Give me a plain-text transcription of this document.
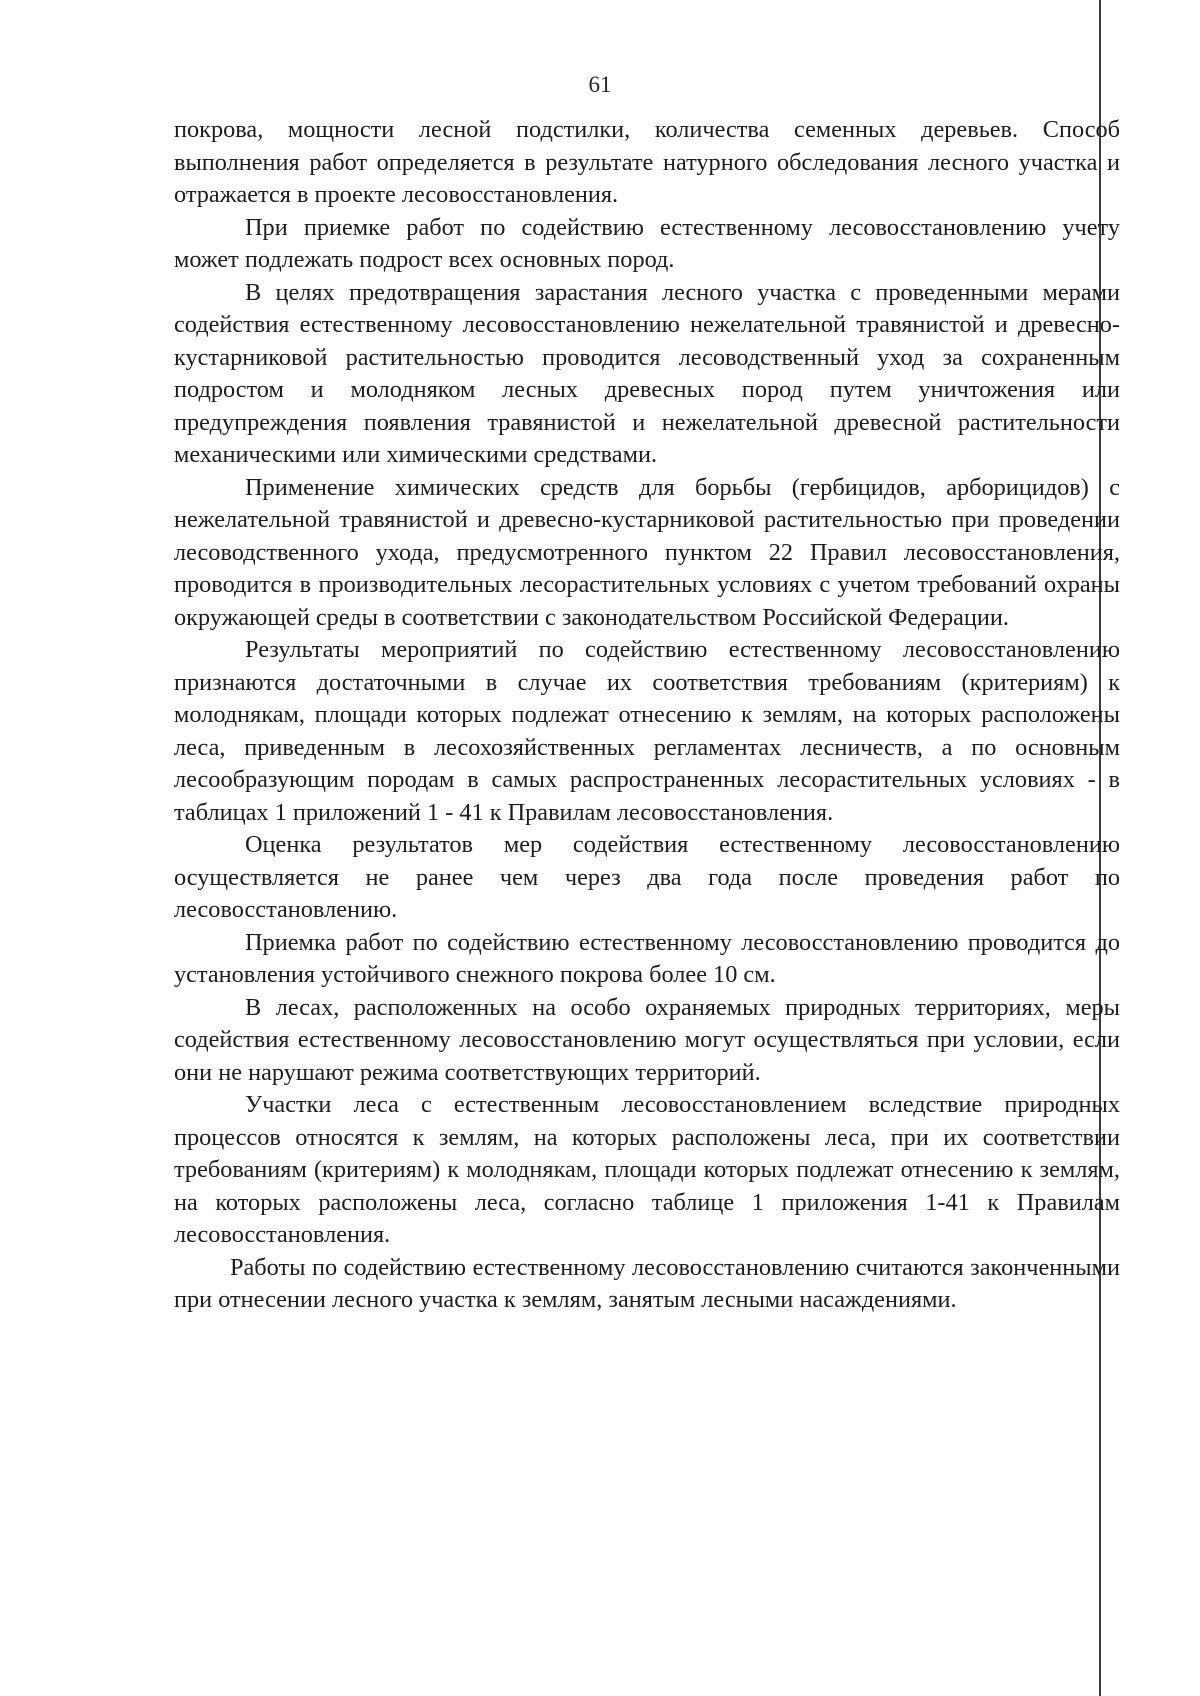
61

покрова, мощности лесной подстилки, количества семенных деревьев. Способ выполнения работ определяется в результате натурного обследования лесного участка и отражается в проекте лесовосстановления.

При приемке работ по содействию естественному лесовосстановлению учету может подлежать подрост всех основных пород.

В целях предотвращения зарастания лесного участка с проведенными мерами содействия естественному лесовосстановлению нежелательной травянистой и древесно-кустарниковой растительностью проводится лесоводственный уход за сохраненным подростом и молодняком лесных древесных пород путем уничтожения или предупреждения появления травянистой и нежелательной древесной растительности механическими или химическими средствами.

Применение химических средств для борьбы (гербицидов, арборицидов) с нежелательной травянистой и древесно-кустарниковой растительностью при проведении лесоводственного ухода, предусмотренного пунктом 22 Правил лесовосстановления, проводится в производительных лесорастительных условиях с учетом требований охраны окружающей среды в соответствии с законодательством Российской Федерации.

Результаты мероприятий по содействию естественному лесовосстановлению признаются достаточными в случае их соответствия требованиям (критериям) к молоднякам, площади которых подлежат отнесению к землям, на которых расположены леса, приведенным в лесохозяйственных регламентах лесничеств, а по основным лесообразующим породам в самых распространенных лесорастительных условиях - в таблицах 1 приложений 1 - 41 к Правилам лесовосстановления.

Оценка результатов мер содействия естественному лесовосстановлению осуществляется не ранее чем через два года после проведения работ по лесовосстановлению.

Приемка работ по содействию естественному лесовосстановлению проводится до установления устойчивого снежного покрова более 10 см.

В лесах, расположенных на особо охраняемых природных территориях, меры содействия естественному лесовосстановлению могут осуществляться при условии, если они не нарушают режима соответствующих территорий.

Участки леса с естественным лесовосстановлением вследствие природных процессов относятся к землям, на которых расположены леса, при их соответствии требованиям (критериям) к молоднякам, площади которых подлежат отнесению к землям, на которых расположены леса, согласно таблице 1 приложения 1-41 к Правилам лесовосстановления.

Работы по содействию естественному лесовосстановлению считаются законченными при отнесении лесного участка к землям, занятым лесными насаждениями.
